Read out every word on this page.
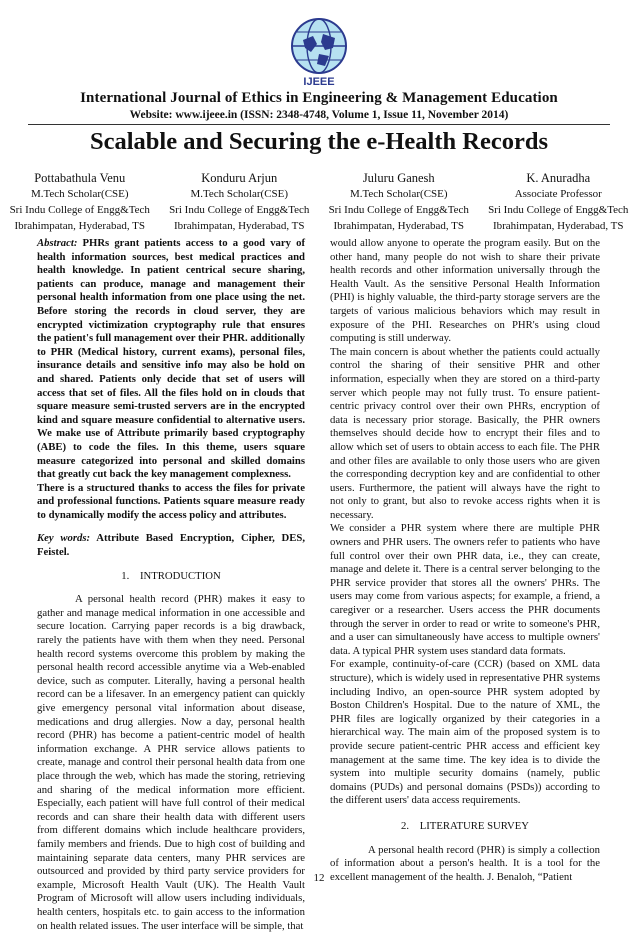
IJEEE
International Journal of Ethics in Engineering & Management Education
Website: www.ijeee.in (ISSN: 2348-4748, Volume 1, Issue 11, November 2014)
Scalable and Securing the e-Health Records
Pottabathula Venu
M.Tech Scholar(CSE)
Sri Indu College of Engg&Tech
Ibrahimpatan, Hyderabad, TS
Konduru Arjun
M.Tech Scholar(CSE)
Sri Indu College of Engg&Tech
Ibrahimpatan, Hyderabad, TS
Juluru Ganesh
M.Tech Scholar(CSE)
Sri Indu College of Engg&Tech
Ibrahimpatan, Hyderabad, TS
K. Anuradha
Associate Professor
Sri Indu College of Engg&Tech
Ibrahimpatan, Hyderabad, TS

Abstract: PHRs grant patients access to a good vary of health information sources, best medical practices and health knowledge. In patient centrical secure sharing, patients can produce, manage and management their personal health information from one place using the net. Before storing the records in cloud server, they are encrypted victimization cryptography rule that ensures the patient's full management over their PHR. additionally to PHR (Medical history, current exams), personal files, insurance details and sensitive info may also be hold on and shared. Patients only decide that set of users will access that set of files. All the files hold on in clouds that square measure semi-trusted servers are in the encrypted kind and square measure confidential to alternative users. We make use of Attribute primarily based cryptography (ABE) to code the files. In this theme, users square measure categorized into personal and skilled domains that greatly cut back the key management complexness.

There is a structured thanks to access the files for private and professional functions. Patients square measure ready to dynamically modify the access policy and attributes.

Key words: Attribute Based Encryption, Cipher, DES, Feistel.
1.    INTRODUCTION

A personal health record (PHR) makes it easy to gather and manage medical information in one accessible and secure location. Carrying paper records is a big drawback, rarely the patients have with them when they need. Personal health record systems overcome this problem by making the personal health record accessible anytime via a Web-enabled device, such as computer. Literally, having a personal health record can be a lifesaver. In an emergency patient can quickly give emergency personal vital information about disease, medications and drug allergies. Now a day, personal health record (PHR) has become a patient-centric model of health information exchange. A PHR service allows patients to create, manage and control their personal health data from one place through the web, which has made the storing, retrieving and sharing of the medical information more efficient. Especially, each patient will have full control of their medical records and can share their health data with different users from different domains which include healthcare providers, family members and friends. Due to high cost of building and maintaining separate data centers, many PHR services are outsourced and provided by third party service providers for example, Microsoft Health Vault (UK). The Health Vault Program of Microsoft will allow users including individuals, health centers, hospitals etc. to gain access to the information on health related issues. The user interface will be simple, that

would allow anyone to operate the program easily. But on the other hand, many people do not wish to share their private health records and other information universally through the Health Vault. As the sensitive Personal Health Information (PHI) is highly valuable, the third-party storage servers are the targets of various malicious behaviors which may result in exposure of the PHI. Researches on PHR's using cloud computing is still underway.

The main concern is about whether the patients could actually control the sharing of their sensitive PHR and other information, especially when they are stored on a third-party server which people may not fully trust. To ensure patient-centric privacy control over their own PHRs, encryption of data is necessary prior storage. Basically, the PHR owners themselves should decide how to encrypt their files and to allow which set of users to obtain access to each file. The PHR and other files are available to only those users who are given the corresponding decryption key and are confidential to other users. Furthermore, the patient will always have the right to not only to grant, but also to revoke access rights when it is necessary.

We consider a PHR system where there are multiple PHR owners and PHR users. The owners refer to patients who have full control over their own PHR data, i.e., they can create, manage and delete it. There is a central server belonging to the PHR service provider that stores all the owners' PHRs. The users may come from various aspects; for example, a friend, a caregiver or a researcher. Users access the PHR documents through the server in order to read or write to someone's PHR, and a user can simultaneously have access to multiple owners' data. A typical PHR system uses standard data formats.

For example, continuity-of-care (CCR) (based on XML data structure), which is widely used in representative PHR systems including Indivo, an open-source PHR system adopted by Boston Children's Hospital. Due to the nature of XML, the PHR files are logically organized by their categories in a hierarchical way. The main aim of the proposed system is to provide secure patient-centric PHR access and efficient key management at the same time. The key idea is to divide the system into multiple security domains (namely, public domains (PUDs) and personal domains (PSDs)) according to the different users' data access requirements.

2.    LITERATURE SURVEY

A personal health record (PHR) is simply a collection of information about a person's health. It is a tool for the excellent management of the health. J. Benaloh, “Patient

12
